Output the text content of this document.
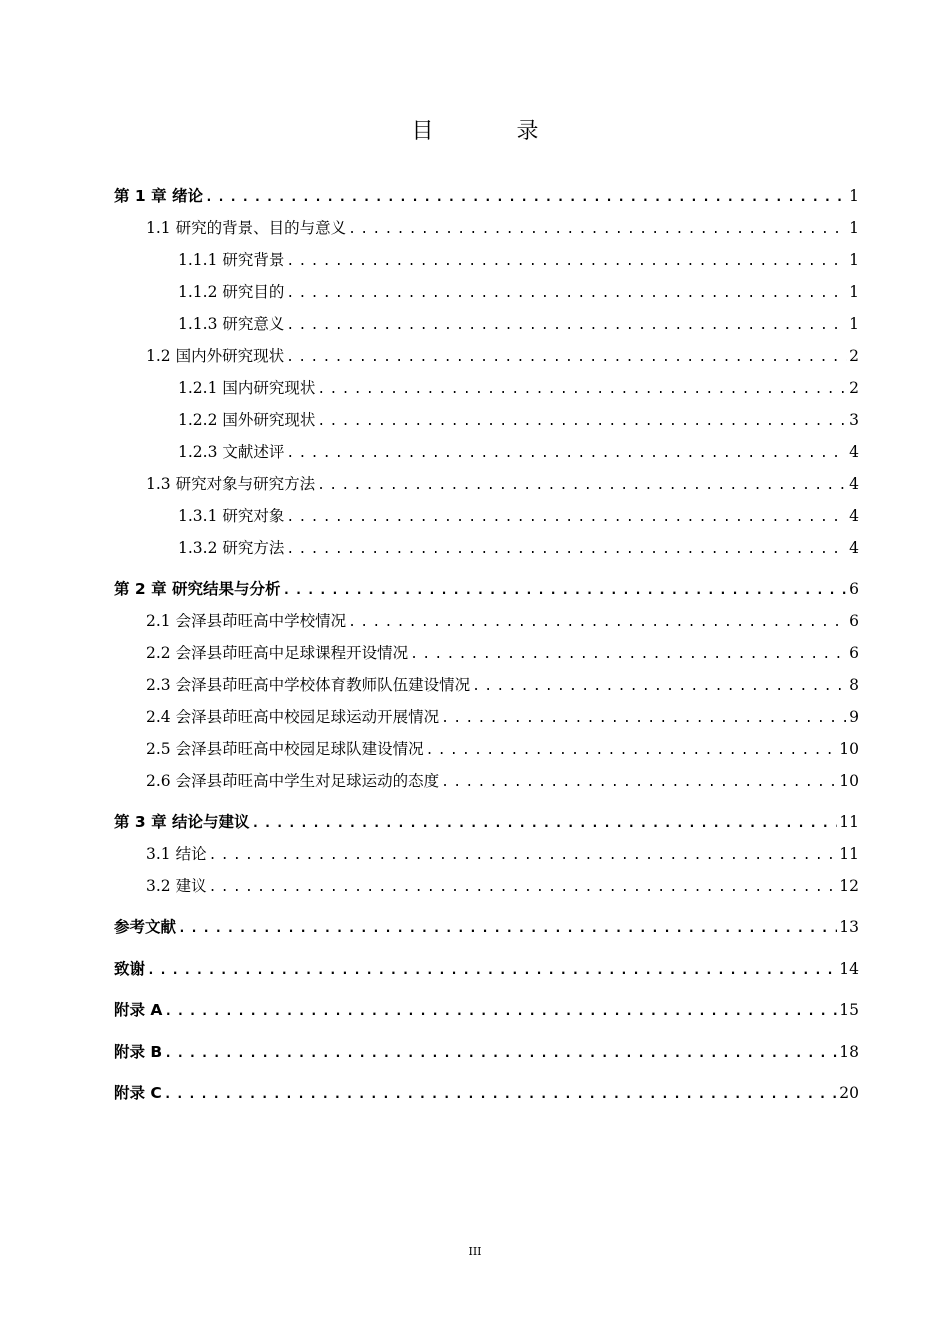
目 录
第 1 章 绪论 .....	1
1.1 研究的背景、目的与意义 .....	1
1.1.1 研究背景 .....	1
1.1.2 研究目的 .....	1
1.1.3 研究意义 .....	1
1.2 国内外研究现状 .....	2
1.2.1 国内研究现状 .....	2
1.2.2 国外研究现状 .....	3
1.2.3 文献述评 .....	4
1.3 研究对象与研究方法 .....	4
1.3.1 研究对象 .....	4
1.3.2 研究方法 .....	4
第 2 章 研究结果与分析 .....	6
2.1 会泽县茚旺高中学校情况 .....	6
2.2 会泽县茚旺高中足球课程开设情况 .....	6
2.3 会泽县茚旺高中学校体育教师队伍建设情况 .....	8
2.4 会泽县茚旺高中校园足球运动开展情况 .....	9
2.5 会泽县茚旺高中校园足球队建设情况 .....	10
2.6 会泽县茚旺高中学生对足球运动的态度 .....	10
第 3 章 结论与建议 .....	11
3.1 结论 .....	11
3.2 建议 .....	12
参考文献 .....	13
致谢 .....	14
附录 A .....	15
附录 B .....	18
附录 C .....	20
III
